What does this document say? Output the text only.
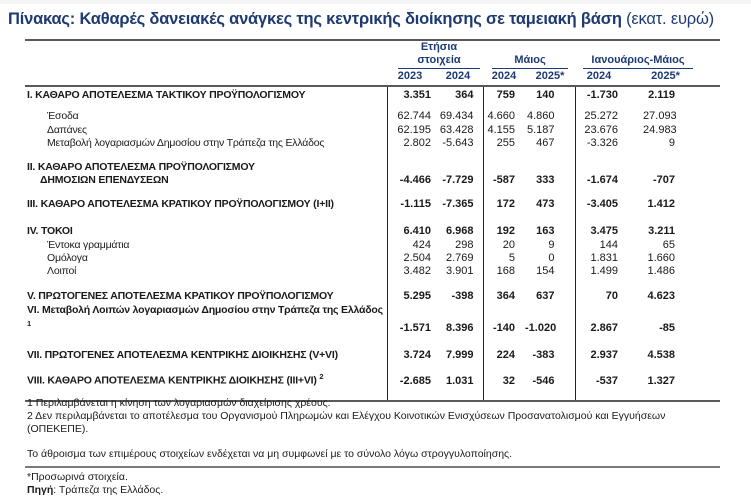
Πίνακας: Καθαρές δανειακές ανάγκες της κεντρικής διοίκησης σε ταμειακή βάση (εκατ. ευρώ)

	Ετήσια στοιχεία		Μάιος		Ιανουάριος-Μάιος	

	2023	2024	2024	2025*	2024	2025*
I. ΚΑΘΑΡΟ ΑΠΟΤΕΛΕΣΜΑ ΤΑΚΤΙΚΟΥ ΠΡΟΫΠΟΛΟΓΙΣΜΟΥ	3.351	364	759	140	-1.730	2.119
Έσοδα	62.744	69.434	4.660	4.860	25.272	27.093
Δαπάνες	62.195	63.428	4.155	5.187	23.676	24.983
Μεταβολή λογαριασμών Δημοσίου στην Τράπεζα της Ελλάδος	2.802	-5.643	255	467	-3.326	9
II. ΚΑΘΑΡΟ ΑΠΟΤΕΛΕΣΜΑ ΠΡΟΫΠΟΛΟΓΙΣΜΟΥ
ΔΗΜΟΣΙΩΝ ΕΠΕΝΔΥΣΕΩΝ	-4.466	-7.729	-587	333	-1.674	-707
III. ΚΑΘΑΡΟ ΑΠΟΤΕΛΕΣΜΑ ΚΡΑΤΙΚΟΥ ΠΡΟΫΠΟΛΟΓΙΣΜΟΥ (I+II)	-1.115	-7.365	172	473	-3.405	1.412
IV. ΤΟΚΟΙ	6.410	6.968	192	163	3.475	3.211
Έντοκα γραμμάτια	424	298	20	9	144	65
Ομόλογα	2.504	2.769	5	0	1.831	1.660
Λοιποί	3.482	3.901	168	154	1.499	1.486
V. ΠΡΩΤΟΓΕΝΕΣ ΑΠΟΤΕΛΕΣΜΑ ΚΡΑΤΙΚΟΥ ΠΡΟΫΠΟΛΟΓΙΣΜΟΥ	5.295	-398	364	637	70	4.623
VI. Μεταβολή Λοιπών λογαριασμών Δημοσίου στην Τράπεζα της Ελλάδος $^1$	-1.571	8.396	-140	-1.020	2.867	-85
VII. ΠΡΩΤΟΓΕΝΕΣ ΑΠΟΤΕΛΕΣΜΑ ΚΕΝΤΡΙΚΗΣ ΔΙΟΙΚΗΣΗΣ (V+VI)	3.724	7.999	224	-383	2.937	4.538
VIII. ΚΑΘΑΡΟ ΑΠΟΤΕΛΕΣΜΑ ΚΕΝΤΡΙΚΗΣ ΔΙΟΙΚΗΣΗΣ (III+VI) $^2$	-2.685	1.031	32	-546	-537	1.327

1 Περιλαμβάνεται η κίνηση των λογαριασμών διαχείρισης χρέους.

2 Δεν περιλαμβάνεται το αποτέλεσμα του Οργανισμού Πληρωμών και Ελέγχου Κοινοτικών Ενισχύσεων Προσανατολισμού και Εγγυήσεων (ΟΠΕΚΕΠΕ).

Το άθροισμα των επιμέρους στοιχείων ενδέχεται να μη συμφωνεί με το σύνολο λόγω στρογγυλοποίησης.

*Προσωρινά στοιχεία.

Πηγή: Τράπεζα της Ελλάδος.
